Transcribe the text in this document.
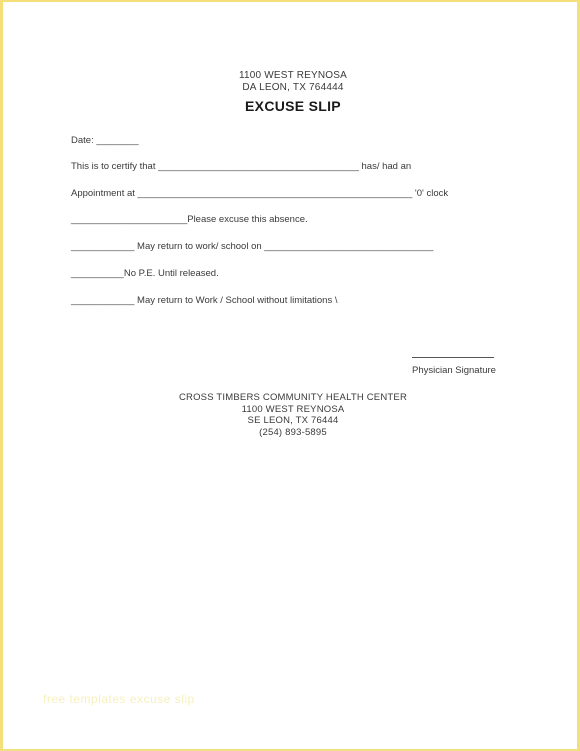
1100 WEST REYNOSA
DA LEON, TX 764444
EXCUSE SLIP
Date: ________
This is to certify that ______________________________________ has/ had an
Appointment at ____________________________________________________ '0' clock
______________________Please excuse this absence.
____________ May return to work/ school on ________________________________
__________No P.E. Until released.
____________ May return to Work / School without limitations \
Physician Signature
CROSS TIMBERS COMMUNITY HEALTH CENTER
1100 WEST REYNOSA
SE LEON, TX 76444
(254) 893-5895
free templates excuse slip
